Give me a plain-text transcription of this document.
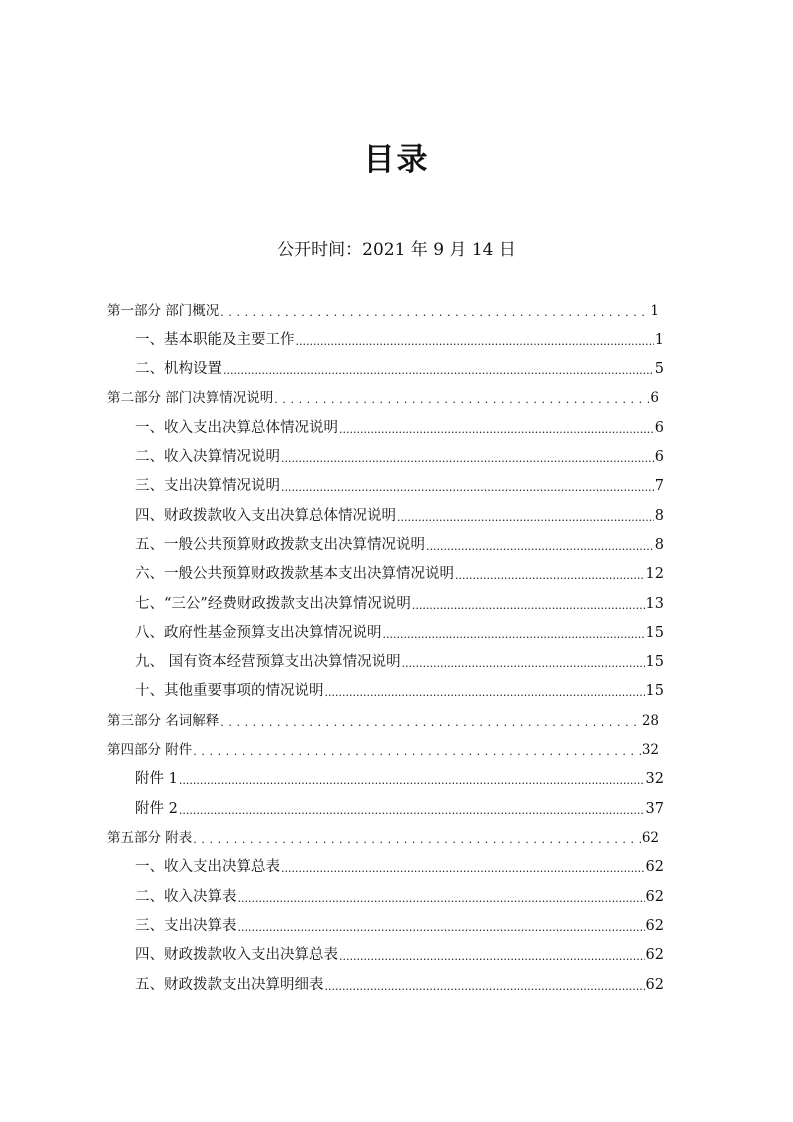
目录
公开时间：2021 年 9 月 14 日
第一部分 部门概况 .....	1
一、基本职能及主要工作 .....	1
二、机构设置 .....	5
第二部分 部门决算情况说明 .....	6
一、收入支出决算总体情况说明 .....	6
二、收入决算情况说明 .....	6
三、支出决算情况说明 .....	7
四、财政拨款收入支出决算总体情况说明 .....	8
五、一般公共预算财政拨款支出决算情况说明 .....	8
六、一般公共预算财政拨款基本支出决算情况说明 .....	12
七、“三公”经费财政拨款支出决算情况说明 .....	13
八、政府性基金预算支出决算情况说明 .....	15
九、 国有资本经营预算支出决算情况说明 .....	15
十、其他重要事项的情况说明 .....	15
第三部分 名词解释 .....	28
第四部分 附件 .....	32
附件 1 .....	32
附件 2 .....	37
第五部分 附表 .....	62
一、收入支出决算总表 .....	62
二、收入决算表 .....	62
三、支出决算表 .....	62
四、财政拨款收入支出决算总表 .....	62
五、财政拨款支出决算明细表 .....	62
